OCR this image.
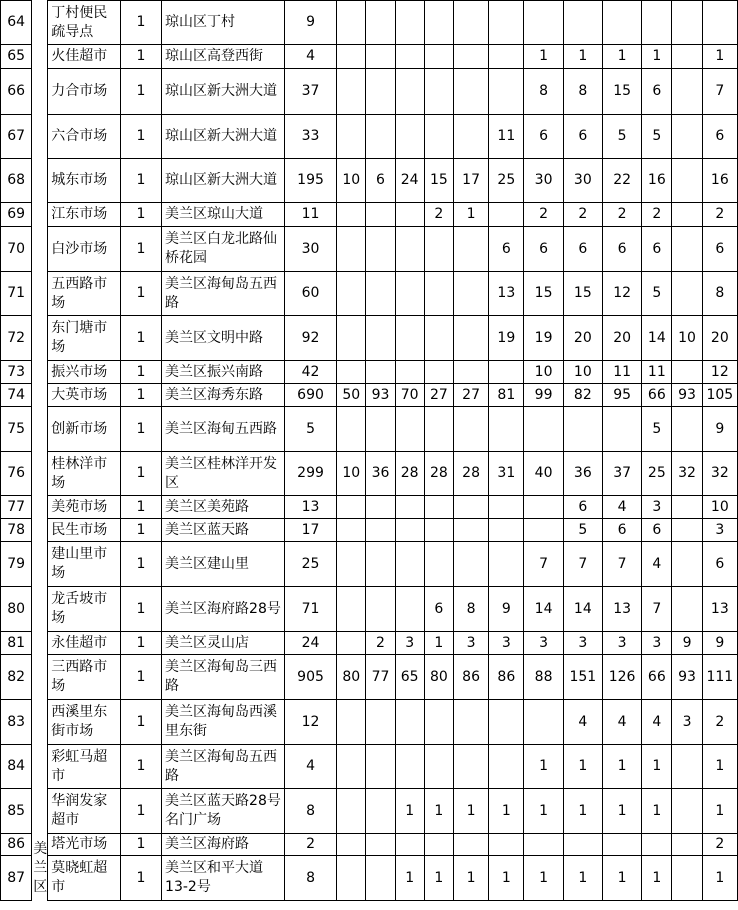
64	美兰区	丁村便民疏导点	1	琼山区丁村	9												
65		火佳超市	1	琼山区高登西街	4							1	1	1	1		1
66		力合市场	1	琼山区新大洲大道	37							8	8	15	6		7
67		六合市场	1	琼山区新大洲大道	33						11	6	6	5	5		6
68		城东市场	1	琼山区新大洲大道	195	10	6	24	15	17	25	30	30	22	16		16
69		江东市场	1	美兰区琼山大道	11				2	1		2	2	2	2		2
70		白沙市场	1	美兰区白龙北路仙桥花园	30						6	6	6	6	6		6
71		五西路市场	1	美兰区海甸岛五西路	60						13	15	15	12	5		8
72		东门塘市场	1	美兰区文明中路	92						19	19	20	20	14	10	20
73		振兴市场	1	美兰区振兴南路	42							10	10	11	11		12
74		大英市场	1	美兰区海秀东路	690	50	93	70	27	27	81	99	82	95	66	93	105
75		创新市场	1	美兰区海甸五西路	5										5		9
76		桂林洋市场	1	美兰区桂林洋开发区	299	10	36	28	28	28	31	40	36	37	25	32	32
77		美苑市场	1	美兰区美苑路	13								6	4	3		10
78		民生市场	1	美兰区蓝天路	17								5	6	6		3
79		建山里市场	1	美兰区建山里	25							7	7	7	4		6
80		龙舌坡市场	1	美兰区海府路28号	71				6	8	9	14	14	13	7		13
81		永佳超市	1	美兰区灵山店	24		2	3	1	3	3	3	3	3	3	9	9
82		三西路市场	1	美兰区海甸岛三西路	905	80	77	65	80	86	86	88	151	126	66	93	111
83		西溪里东街市场	1	美兰区海甸岛西溪里东街	12								4	4	4	3	2
84		彩虹马超市	1	美兰区海甸岛五西路	4							1	1	1	1		1
85		华润发家超市	1	美兰区蓝天路28号名门广场	8			1	1	1	1	1	1	1	1		1
86		塔光市场	1	美兰区海府路	2												2
87		莫晓虹超市	1	美兰区和平大道13-2号	8			1	1	1	1	1	1	1	1		1
